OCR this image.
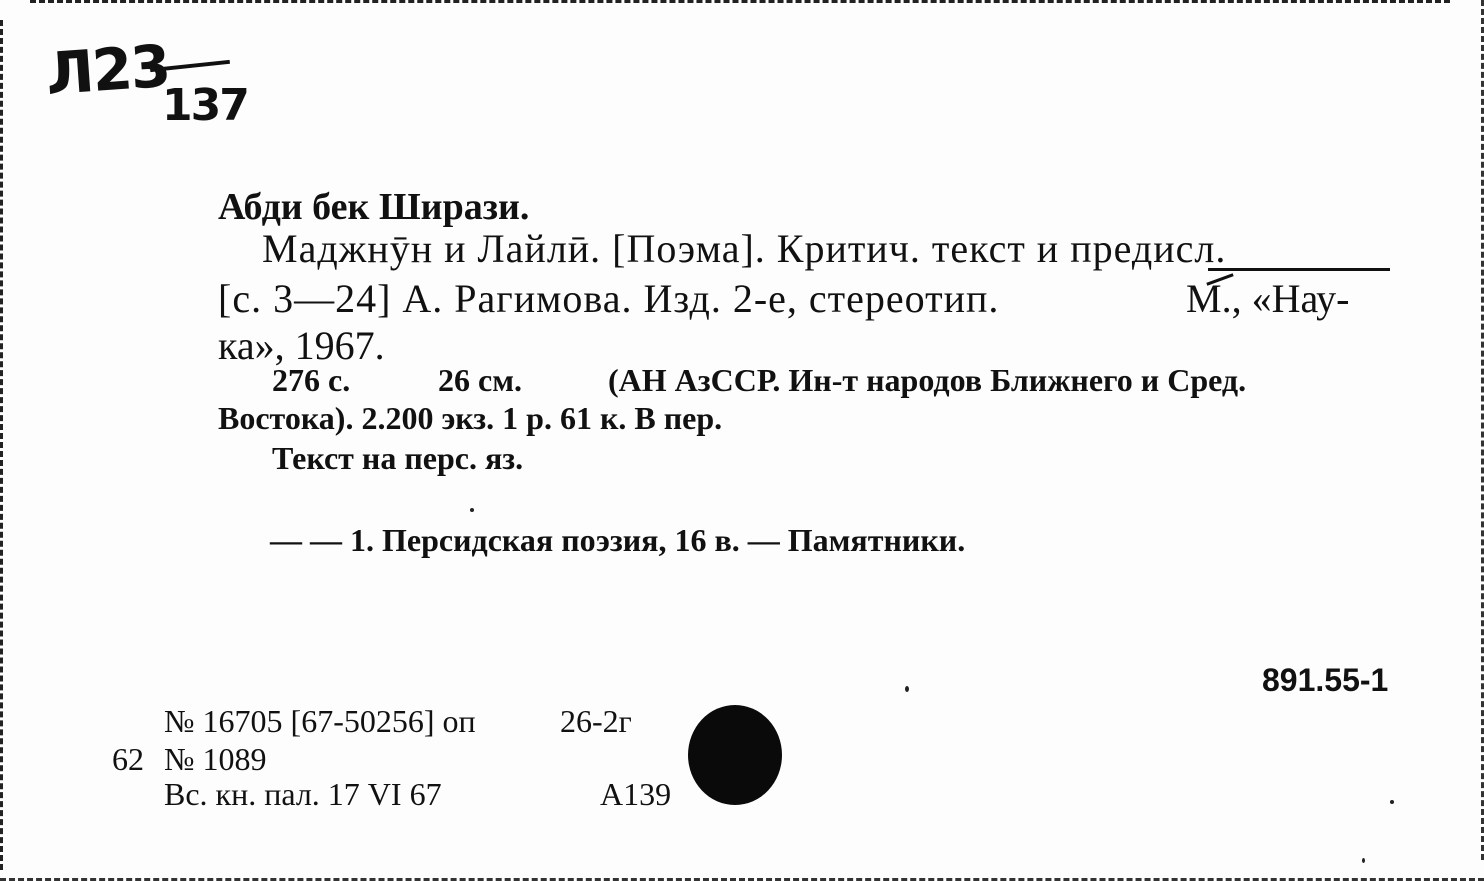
Л23
137
Абди бек Ширази.
Маджнӯн и Лайлӣ. [Поэма]. Критич. текст и предисл.
[с. 3—24] А. Рагимова. Изд. 2-е, стереотип.	М., «Нау-
ка», 1967.
276 с.	26 см.	(АН АзССР. Ин-т народов Ближнего и Сред.
Востока). 2.200 экз. 1 р. 61 к. В пер.
Текст на перс. яз.
— — 1. Персидская поэзия, 16 в. — Памятники.
891.55-1
№ 16705 [67-50256] оп	26-2г
62 № 1089
Вс. кн. пал. 17 VI 67	А139
